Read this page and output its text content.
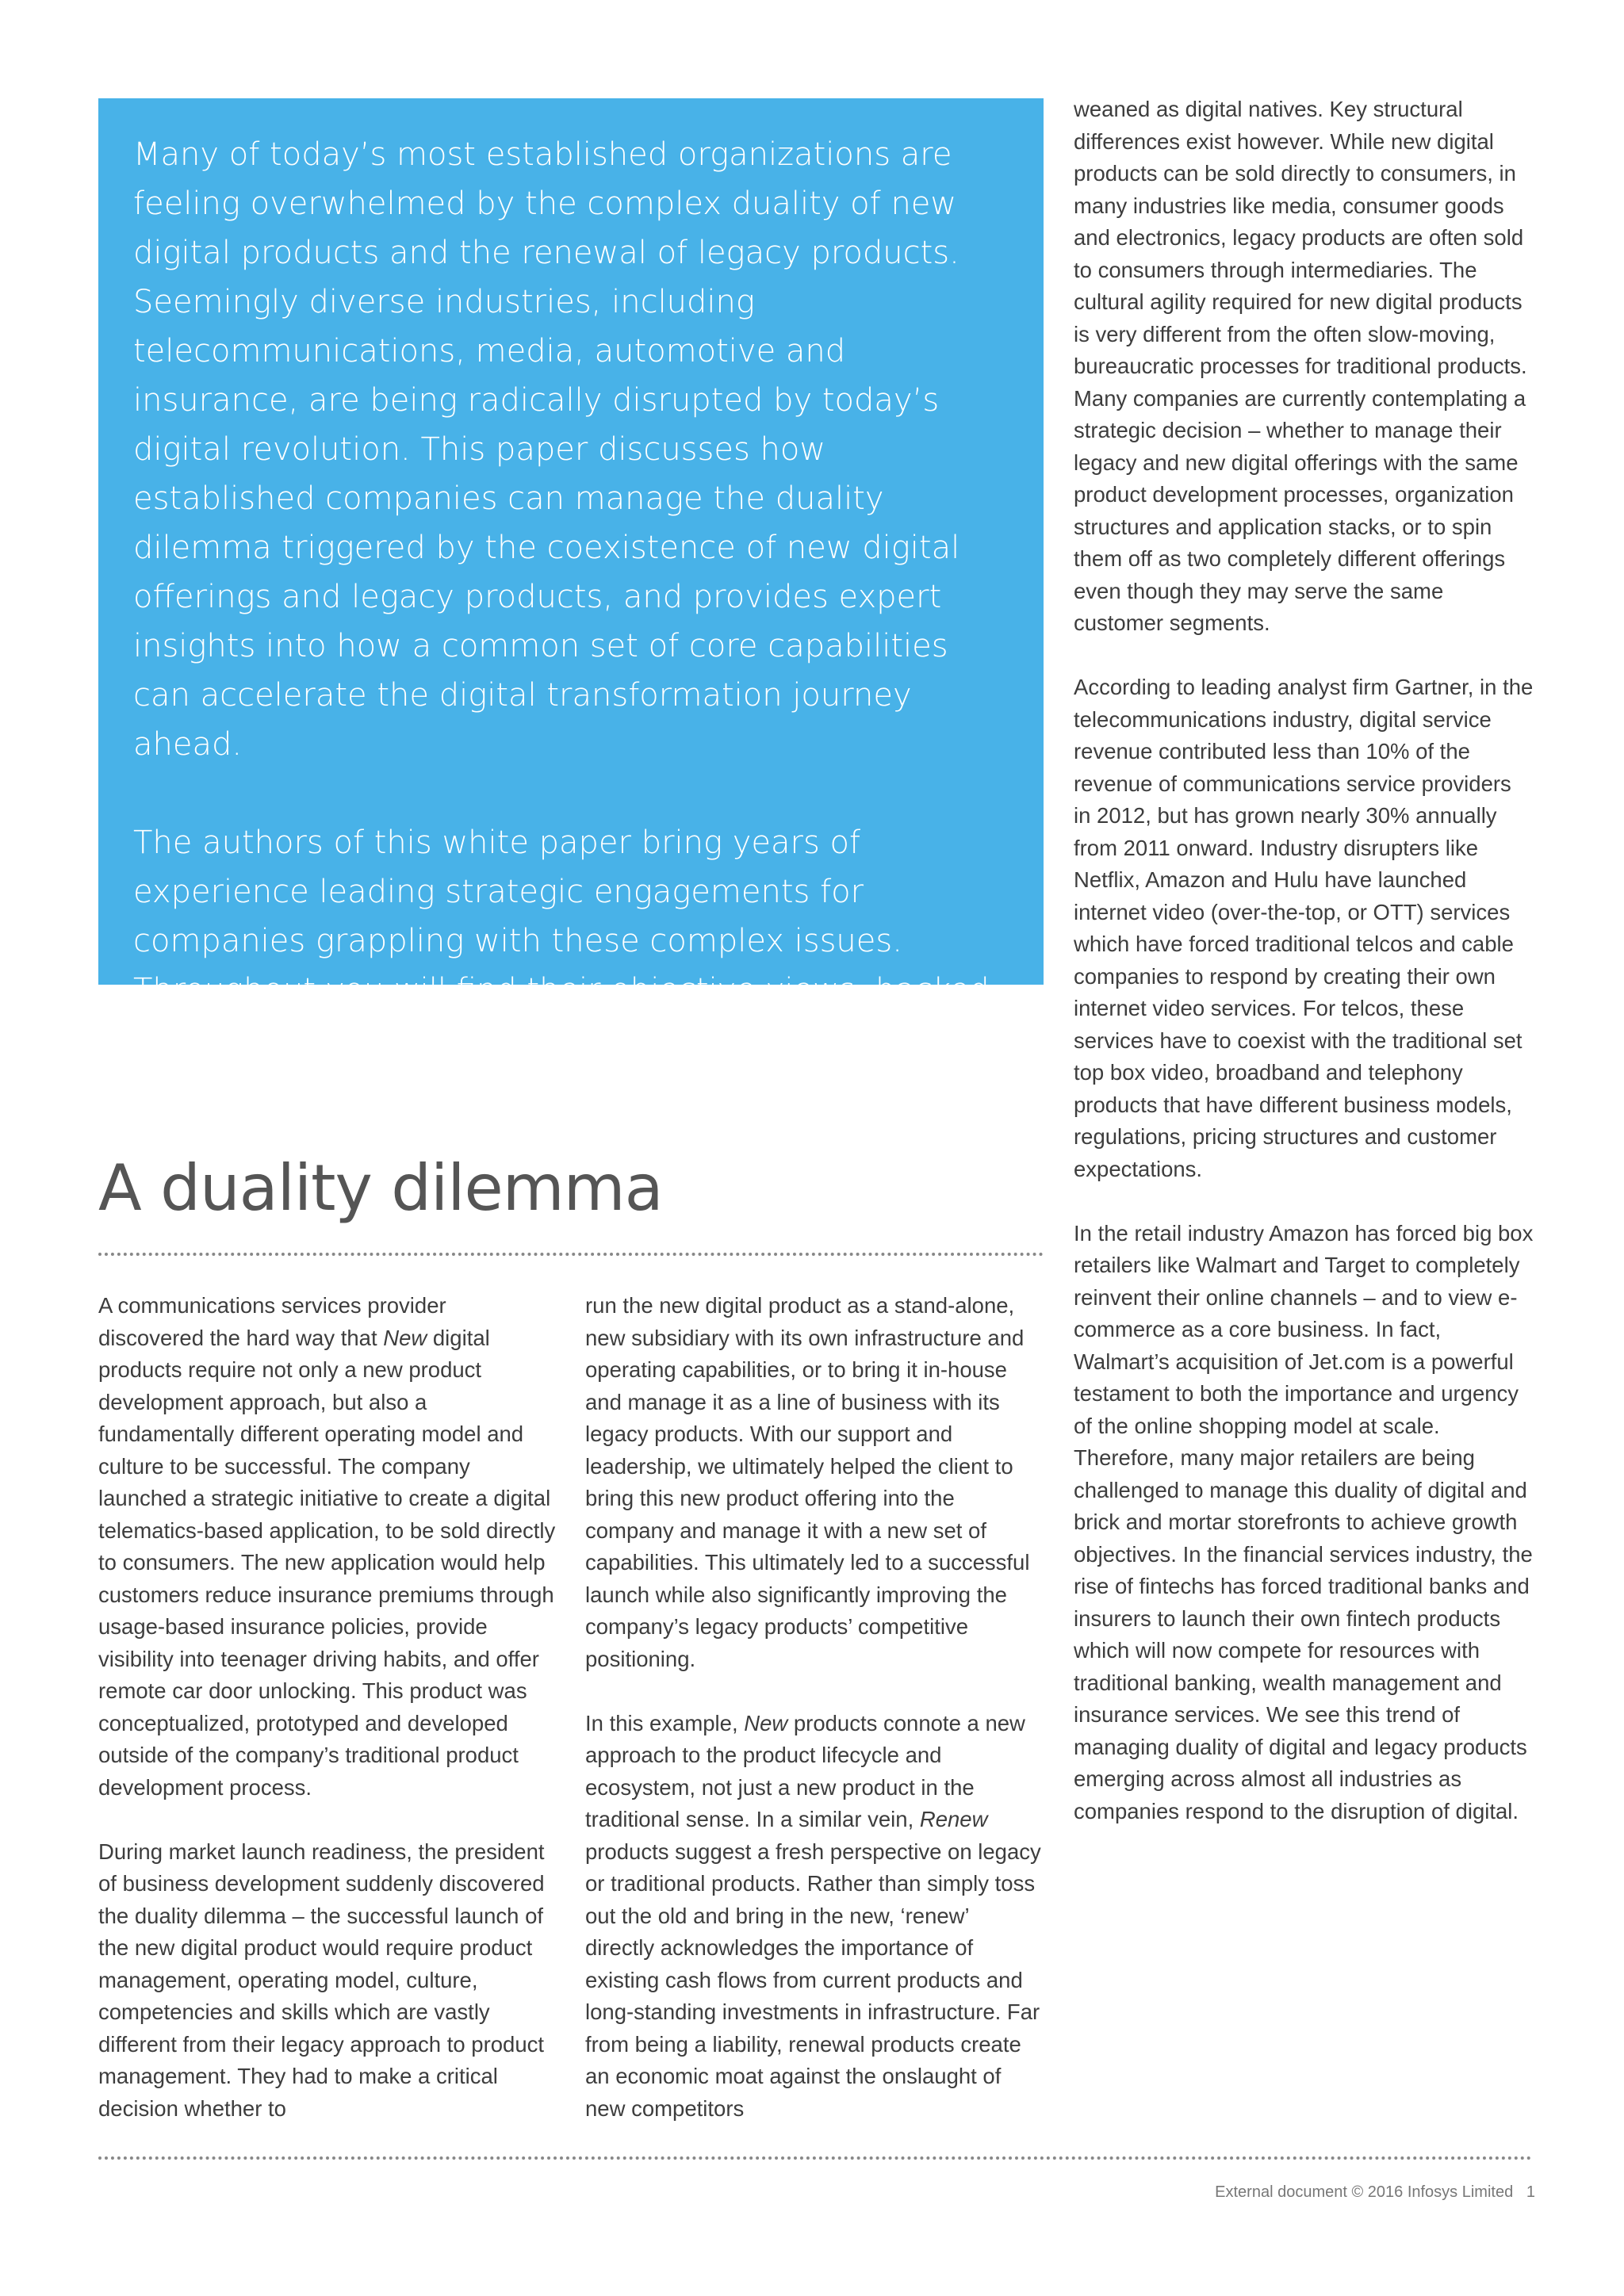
Many of today’s most established organizations are feeling overwhelmed by the complex duality of new digital products and the renewal of legacy products. Seemingly diverse industries, including telecommunications, media, automotive and insurance, are being radically disrupted by today’s digital revolution. This paper discusses how established companies can manage the duality dilemma triggered by the coexistence of new digital offerings and legacy products, and provides expert insights into how a common set of core capabilities can accelerate the digital transformation journey ahead.

The authors of this white paper bring years of experience leading strategic engagements for companies grappling with these complex issues. Throughout you will find their objective views, backed by data and real-life examples, to help executives better understand a potential path forward.

weaned as digital natives. Key structural differences exist however. While new digital products can be sold directly to consumers, in many industries like media, consumer goods and electronics, legacy products are often sold to consumers through intermediaries. The cultural agility required for new digital products is very different from the often slow-moving, bureaucratic processes for traditional products. Many companies are currently contemplating a strategic decision – whether to manage their legacy and new digital offerings with the same product development processes, organization structures and application stacks, or to spin them off as two completely different offerings even though they may serve the same customer segments.

According to leading analyst firm Gartner, in the telecommunications industry, digital service revenue contributed less than 10% of the revenue of communications service providers in 2012, but has grown nearly 30% annually from 2011 onward. Industry disrupters like Netflix, Amazon and Hulu have launched internet video (over-the-top, or OTT) services which have forced traditional telcos and cable companies to respond by creating their own internet video services. For telcos, these services have to coexist with the traditional set top box video, broadband and telephony products that have different business models, regulations, pricing structures and customer expectations.

In the retail industry Amazon has forced big box retailers like Walmart and Target to completely reinvent their online channels – and to view e-commerce as a core business. In fact, Walmart’s acquisition of Jet.com is a powerful testament to both the importance and urgency of the online shopping model at scale. Therefore, many major retailers are being challenged to manage this duality of digital and brick and mortar storefronts to achieve growth objectives. In the financial services industry, the rise of fintechs has forced traditional banks and insurers to launch their own fintech products which will now compete for resources with traditional banking, wealth management and insurance services. We see this trend of managing duality of digital and legacy products emerging across almost all industries as companies respond to the disruption of digital.

A duality dilemma

A communications services provider discovered the hard way that New digital products require not only a new product development approach, but also a fundamentally different operating model and culture to be successful. The company launched a strategic initiative to create a digital telematics-based application, to be sold directly to consumers. The new application would help customers reduce insurance premiums through usage-based insurance policies, provide visibility into teenager driving habits, and offer remote car door unlocking. This product was conceptualized, prototyped and developed outside of the company’s traditional product development process.

During market launch readiness, the president of business development suddenly discovered the duality dilemma – the successful launch of the new digital product would require product management, operating model, culture, competencies and skills which are vastly different from their legacy approach to product management. They had to make a critical decision whether to

run the new digital product as a stand-alone, new subsidiary with its own infrastructure and operating capabilities, or to bring it in-house and manage it as a line of business with its legacy products. With our support and leadership, we ultimately helped the client to bring this new product offering into the company and manage it with a new set of capabilities. This ultimately led to a successful launch while also significantly improving the company’s legacy products’ competitive positioning.

In this example, New products connote a new approach to the product lifecycle and ecosystem, not just a new product in the traditional sense. In a similar vein, Renew products suggest a fresh perspective on legacy or traditional products. Rather than simply toss out the old and bring in the new, ‘renew’ directly acknowledges the importance of existing cash flows from current products and long-standing investments in infrastructure. Far from being a liability, renewal products create an economic moat against the onslaught of new competitors

External document © 2016 Infosys Limited   1
